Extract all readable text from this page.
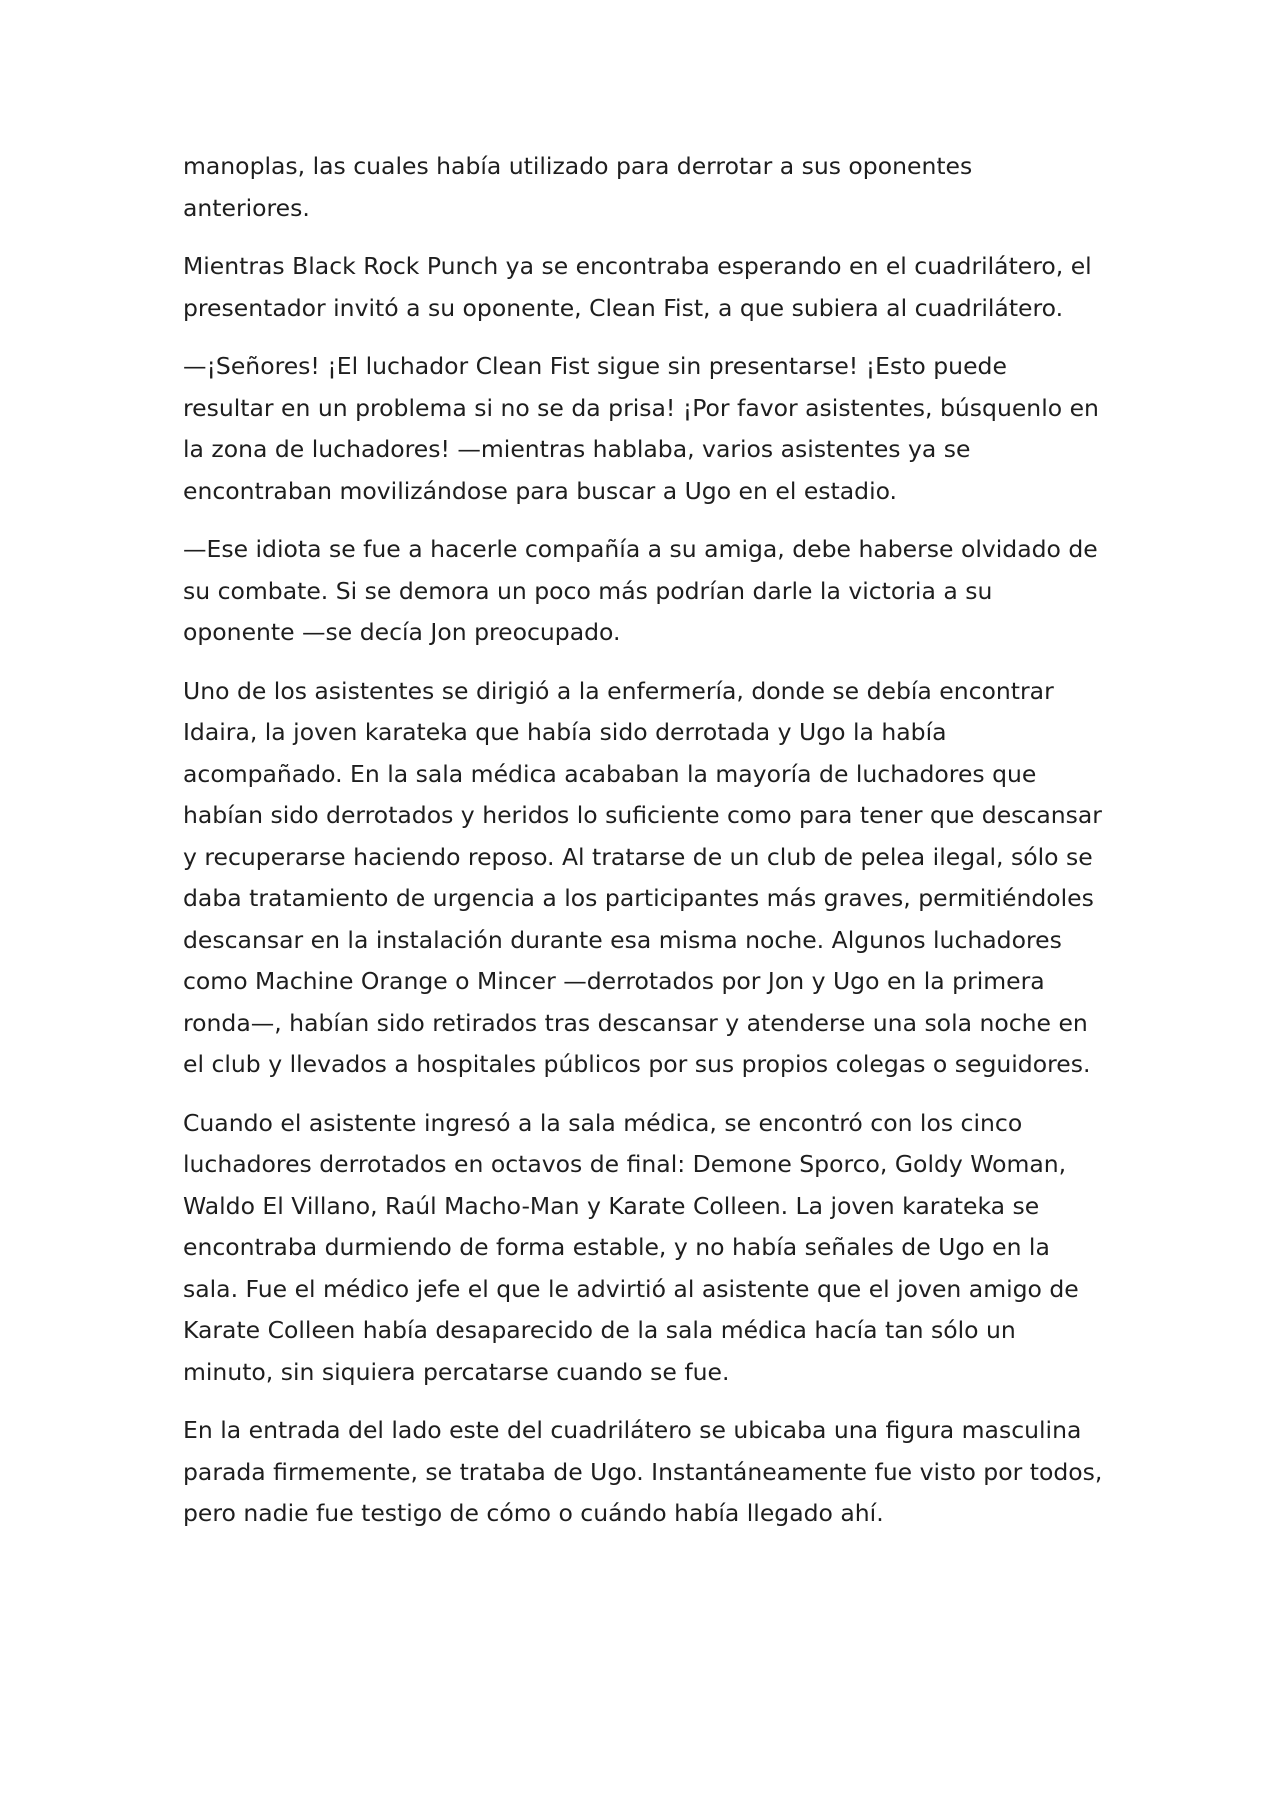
manoplas, las cuales había utilizado para derrotar a sus oponentes anteriores.

Mientras Black Rock Punch ya se encontraba esperando en el cuadrilátero, el presentador invitó a su oponente, Clean Fist, a que subiera al cuadrilátero.

—¡Señores! ¡El luchador Clean Fist sigue sin presentarse! ¡Esto puede resultar en un problema si no se da prisa! ¡Por favor asistentes, búsquenlo en la zona de luchadores! —mientras hablaba, varios asistentes ya se encontraban movilizándose para buscar a Ugo en el estadio.

—Ese idiota se fue a hacerle compañía a su amiga, debe haberse olvidado de su combate. Si se demora un poco más podrían darle la victoria a su oponente —se decía Jon preocupado.

Uno de los asistentes se dirigió a la enfermería, donde se debía encontrar Idaira, la joven karateka que había sido derrotada y Ugo la había acompañado. En la sala médica acababan la mayoría de luchadores que habían sido derrotados y heridos lo suficiente como para tener que descansar y recuperarse haciendo reposo. Al tratarse de un club de pelea ilegal, sólo se daba tratamiento de urgencia a los participantes más graves, permitiéndoles descansar en la instalación durante esa misma noche. Algunos luchadores como Machine Orange o Mincer —derrotados por Jon y Ugo en la primera ronda—, habían sido retirados tras descansar y atenderse una sola noche en el club y llevados a hospitales públicos por sus propios colegas o seguidores.

Cuando el asistente ingresó a la sala médica, se encontró con los cinco luchadores derrotados en octavos de final: Demone Sporco, Goldy Woman, Waldo El Villano, Raúl Macho-Man y Karate Colleen. La joven karateka se encontraba durmiendo de forma estable, y no había señales de Ugo en la sala. Fue el médico jefe el que le advirtió al asistente que el joven amigo de Karate Colleen había desaparecido de la sala médica hacía tan sólo un minuto, sin siquiera percatarse cuando se fue.

En la entrada del lado este del cuadrilátero se ubicaba una figura masculina parada firmemente, se trataba de Ugo. Instantáneamente fue visto por todos, pero nadie fue testigo de cómo o cuándo había llegado ahí.
